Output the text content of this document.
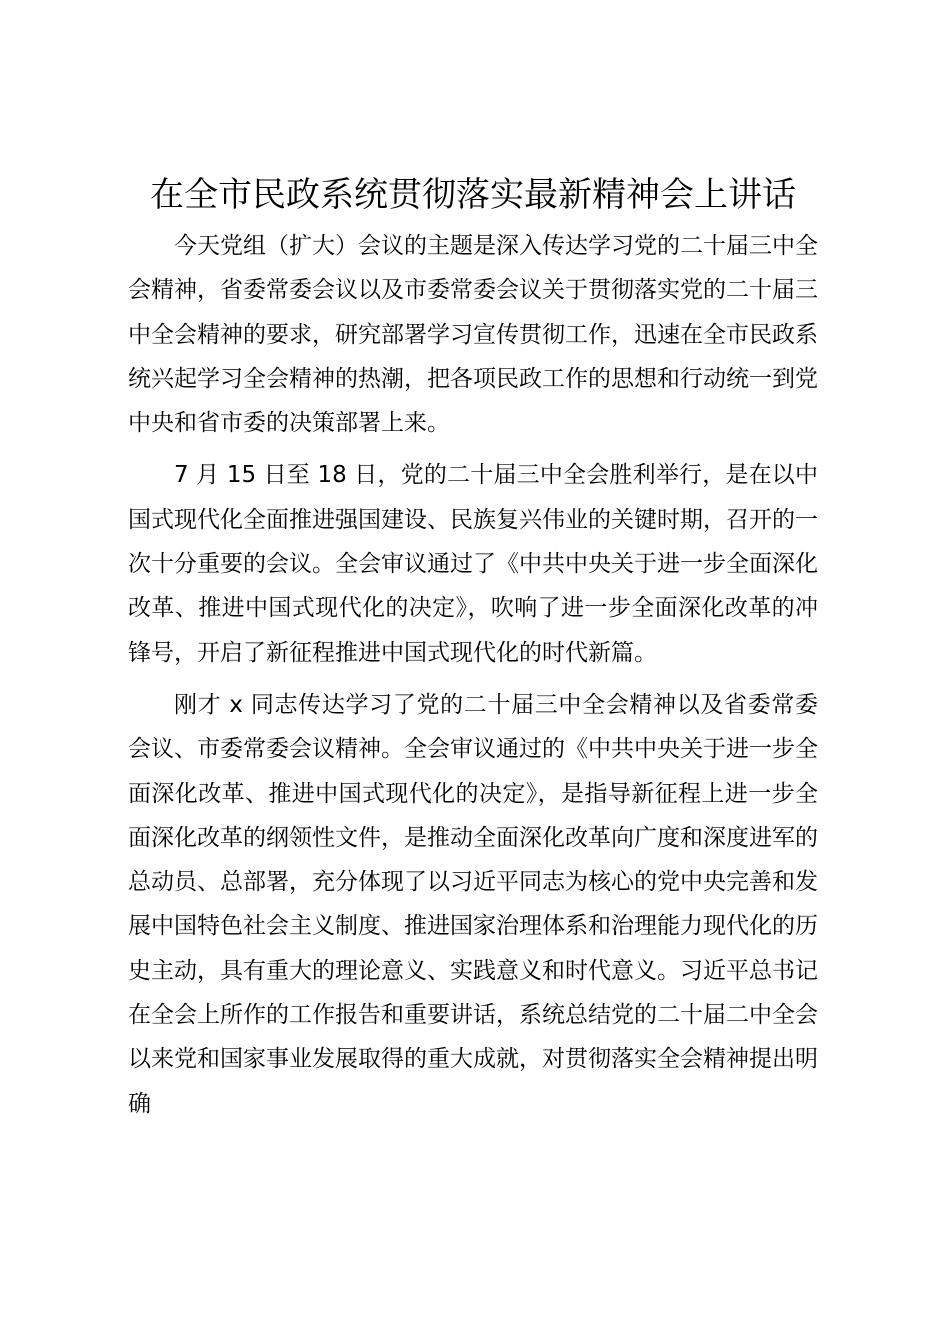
在全市民政系统贯彻落实最新精神会上讲话

今天党组（扩大）会议的主题是深入传达学习党的二十届三中全会精神，省委常委会议以及市委常委会议关于贯彻落实党的二十届三中全会精神的要求，研究部署学习宣传贯彻工作，迅速在全市民政系统兴起学习全会精神的热潮，把各项民政工作的思想和行动统一到党中央和省市委的决策部署上来。

7 月 15 日至 18 日，党的二十届三中全会胜利举行，是在以中国式现代化全面推进强国建设、民族复兴伟业的关键时期，召开的一次十分重要的会议。全会审议通过了《中共中央关于进一步全面深化改革、推进中国式现代化的决定》，吹响了进一步全面深化改革的冲锋号，开启了新征程推进中国式现代化的时代新篇。

刚才 x 同志传达学习了党的二十届三中全会精神以及省委常委会议、市委常委会议精神。全会审议通过的《中共中央关于进一步全面深化改革、推进中国式现代化的决定》，是指导新征程上进一步全面深化改革的纲领性文件，是推动全面深化改革向广度和深度进军的总动员、总部署，充分体现了以习近平同志为核心的党中央完善和发展中国特色社会主义制度、推进国家治理体系和治理能力现代化的历史主动，具有重大的理论意义、实践意义和时代意义。习近平总书记在全会上所作的工作报告和重要讲话，系统总结党的二十届二中全会以来党和国家事业发展取得的重大成就，对贯彻落实全会精神提出明确
